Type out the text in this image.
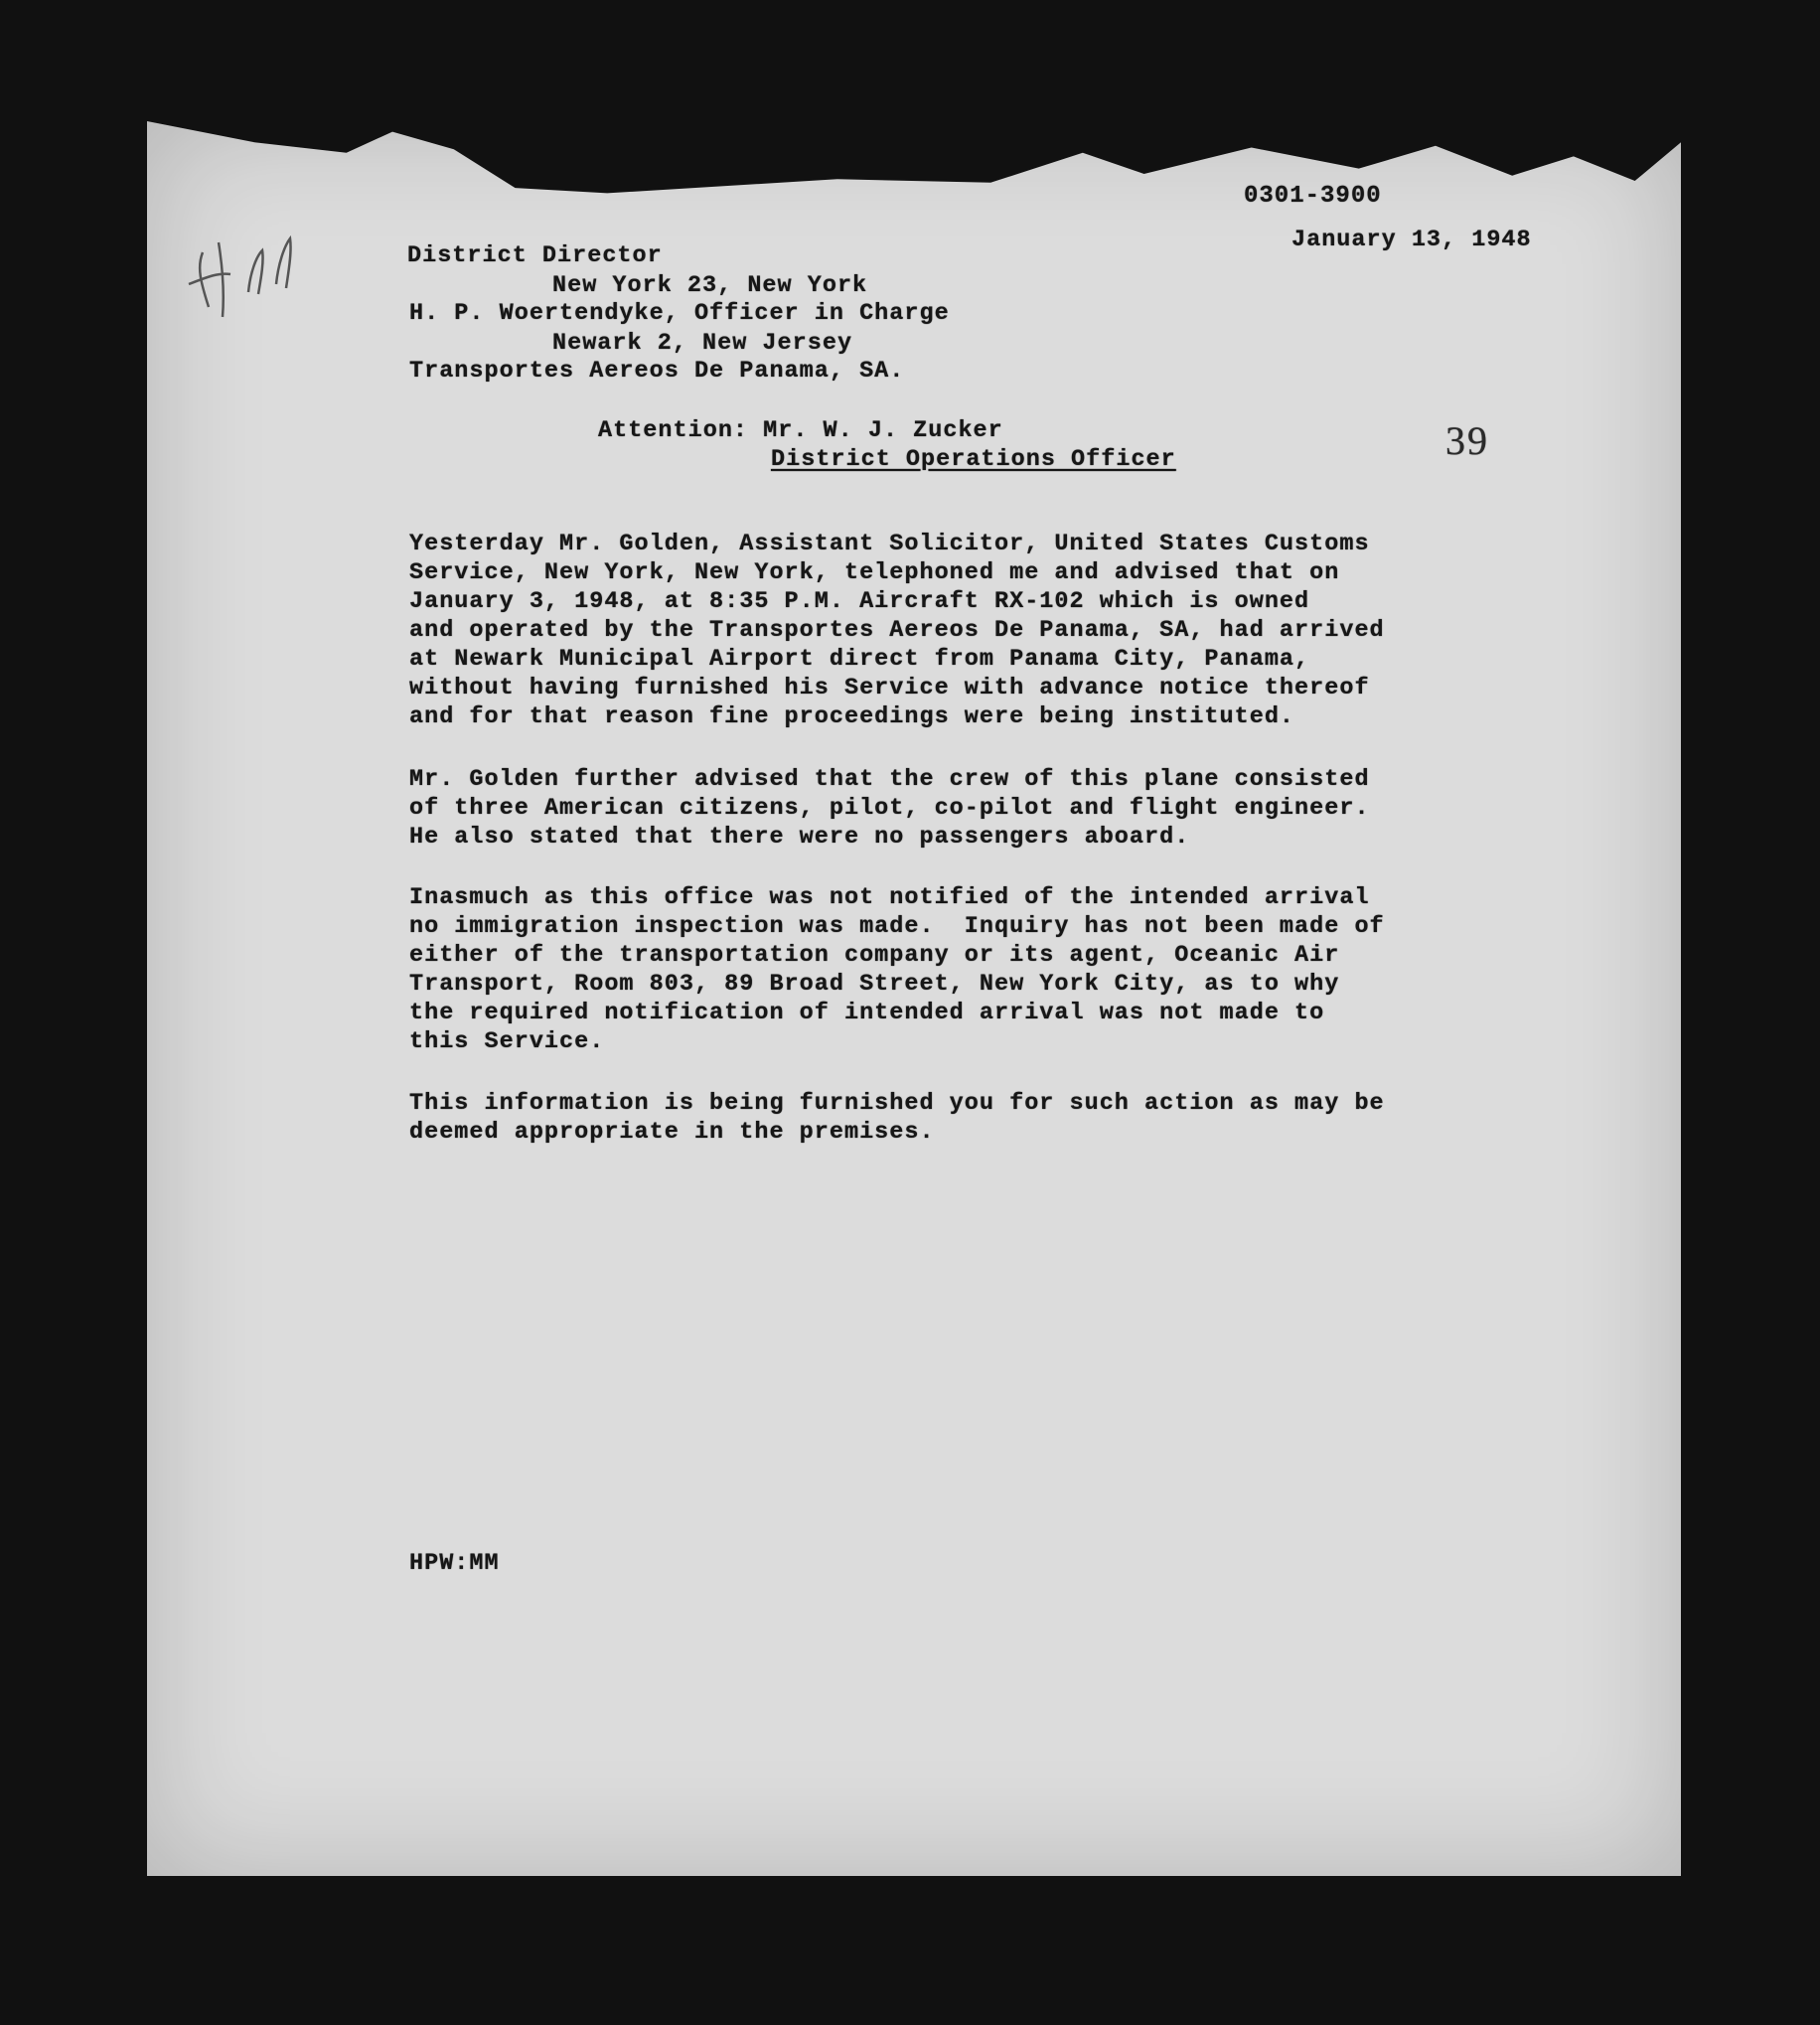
0301-3900
January 13, 1948
39
District Director
New York 23, New York
H. P. Woertendyke, Officer in Charge
Newark 2, New Jersey
Transportes Aereos De Panama, SA.
Attention: Mr. W. J. Zucker
District Operations Officer
Yesterday Mr. Golden, Assistant Solicitor, United States Customs
Service, New York, New York, telephoned me and advised that on
January 3, 1948, at 8:35 P.M. Aircraft RX-102 which is owned
and operated by the Transportes Aereos De Panama, SA, had arrived
at Newark Municipal Airport direct from Panama City, Panama,
without having furnished his Service with advance notice thereof
and for that reason fine proceedings were being instituted.
Mr. Golden further advised that the crew of this plane consisted
of three American citizens, pilot, co-pilot and flight engineer.
He also stated that there were no passengers aboard.
Inasmuch as this office was not notified of the intended arrival
no immigration inspection was made.  Inquiry has not been made of
either of the transportation company or its agent, Oceanic Air
Transport, Room 803, 89 Broad Street, New York City, as to why
the required notification of intended arrival was not made to
this Service.
This information is being furnished you for such action as may be
deemed appropriate in the premises.
HPW:MM
